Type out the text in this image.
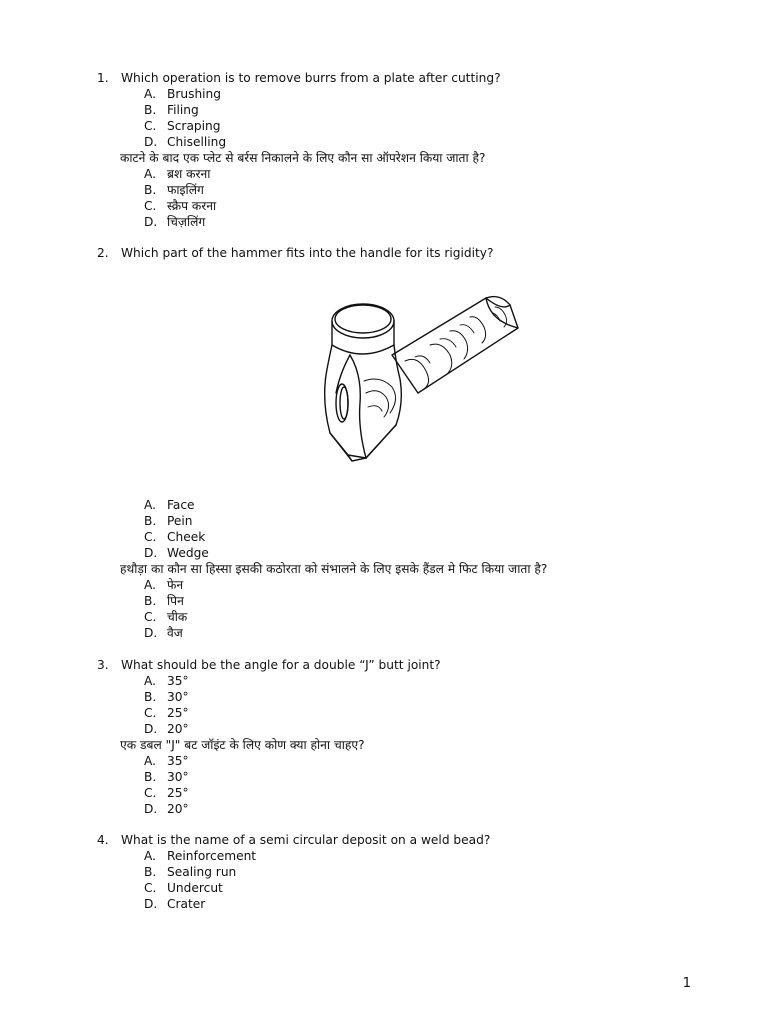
1.	Which operation is to remove burrs from a plate after cutting?
A. Brushing
B. Filing
C. Scraping
D. Chiselling
काटने के बाद एक प्लेट से बर्रस निकालने के लिए कौन सा ऑपरेशन किया जाता है?
A. ब्रश करना
B. फाइलिंग
C. स्क्रैप करना
D. चिज़लिंग
2.	Which part of the hammer fits into the handle for its rigidity?
A. Face
B. Pein
C. Cheek
D. Wedge
हथौड़ा का कौन सा हिस्सा इसकी कठोरता को संभालने के लिए इसके हैंडल मे फिट किया जाता है?
A. फेन
B. पिन
C. चीक
D. वैज
3.	What should be the angle for a double “J” butt joint?
A. 35°
B. 30°
C. 25°
D. 20°
एक डबल "J" बट जॉइंट के लिए कोण क्या होना चाहए?
A. 35°
B. 30°
C. 25°
D. 20°
4.	What is the name of a semi circular deposit on a weld bead?
A. Reinforcement
B. Sealing run
C. Undercut
D. Crater
1
